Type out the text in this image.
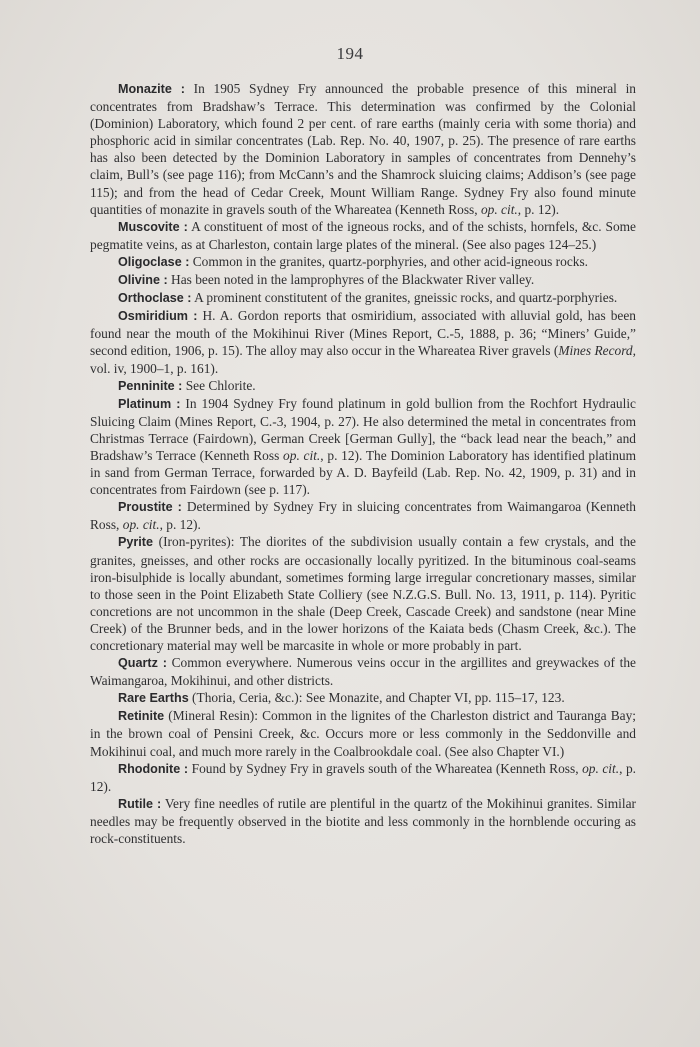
194

Monazite : In 1905 Sydney Fry announced the probable presence of this mineral in concentrates from Bradshaw’s Terrace. This determination was confirmed by the Colonial (Dominion) Laboratory, which found 2 per cent. of rare earths (mainly ceria with some thoria) and phosphoric acid in similar concentrates (Lab. Rep. No. 40, 1907, p. 25). The presence of rare earths has also been detected by the Dominion Laboratory in samples of concentrates from Dennehy’s claim, Bull’s (see page 116); from McCann’s and the Shamrock sluicing claims; Addison’s (see page 115); and from the head of Cedar Creek, Mount William Range. Sydney Fry also found minute quantities of monazite in gravels south of the Whareatea (Kenneth Ross, op. cit., p. 12).

Muscovite : A constituent of most of the igneous rocks, and of the schists, hornfels, &c. Some pegmatite veins, as at Charleston, contain large plates of the mineral. (See also pages 124–25.)

Oligoclase : Common in the granites, quartz-porphyries, and other acid-igneous rocks.

Olivine : Has been noted in the lamprophyres of the Blackwater River valley.

Orthoclase : A prominent constitutent of the granites, gneissic rocks, and quartz-porphyries.

Osmiridium : H. A. Gordon reports that osmiridium, associated with alluvial gold, has been found near the mouth of the Mokihinui River (Mines Report, C.-5, 1888, p. 36; “Miners’ Guide,” second edition, 1906, p. 15). The alloy may also occur in the Whareatea River gravels (Mines Record, vol. iv, 1900–1, p. 161).

Penninite : See Chlorite.

Platinum : In 1904 Sydney Fry found platinum in gold bullion from the Rochfort Hydraulic Sluicing Claim (Mines Report, C.-3, 1904, p. 27). He also determined the metal in concentrates from Christmas Terrace (Fairdown), German Creek [German Gully], the “back lead near the beach,” and Bradshaw’s Terrace (Kenneth Ross op. cit., p. 12). The Dominion Laboratory has identified platinum in sand from German Terrace, forwarded by A. D. Bayfeild (Lab. Rep. No. 42, 1909, p. 31) and in concentrates from Fairdown (see p. 117).

Proustite : Determined by Sydney Fry in sluicing concentrates from Waimangaroa (Kenneth Ross, op. cit., p. 12).

Pyrite (Iron-pyrites): The diorites of the subdivision usually contain a few crystals, and the granites, gneisses, and other rocks are occasionally locally pyritized. In the bituminous coal-seams iron-bisulphide is locally abundant, sometimes forming large irregular concretionary masses, similar to those seen in the Point Elizabeth State Colliery (see N.Z.G.S. Bull. No. 13, 1911, p. 114). Pyritic concretions are not uncommon in the shale (Deep Creek, Cascade Creek) and sandstone (near Mine Creek) of the Brunner beds, and in the lower horizons of the Kaiata beds (Chasm Creek, &c.). The concretionary material may well be marcasite in whole or more probably in part.

Quartz : Common everywhere. Numerous veins occur in the argillites and greywackes of the Waimangaroa, Mokihinui, and other districts.

Rare Earths (Thoria, Ceria, &c.): See Monazite, and Chapter VI, pp. 115–17, 123.

Retinite (Mineral Resin): Common in the lignites of the Charleston district and Tauranga Bay; in the brown coal of Pensini Creek, &c. Occurs more or less commonly in the Seddonville and Mokihinui coal, and much more rarely in the Coalbrookdale coal. (See also Chapter VI.)

Rhodonite : Found by Sydney Fry in gravels south of the Whareatea (Kenneth Ross, op. cit., p. 12).

Rutile : Very fine needles of rutile are plentiful in the quartz of the Mokihinui granites. Similar needles may be frequently observed in the biotite and less commonly in the hornblende occuring as rock-constituents.
